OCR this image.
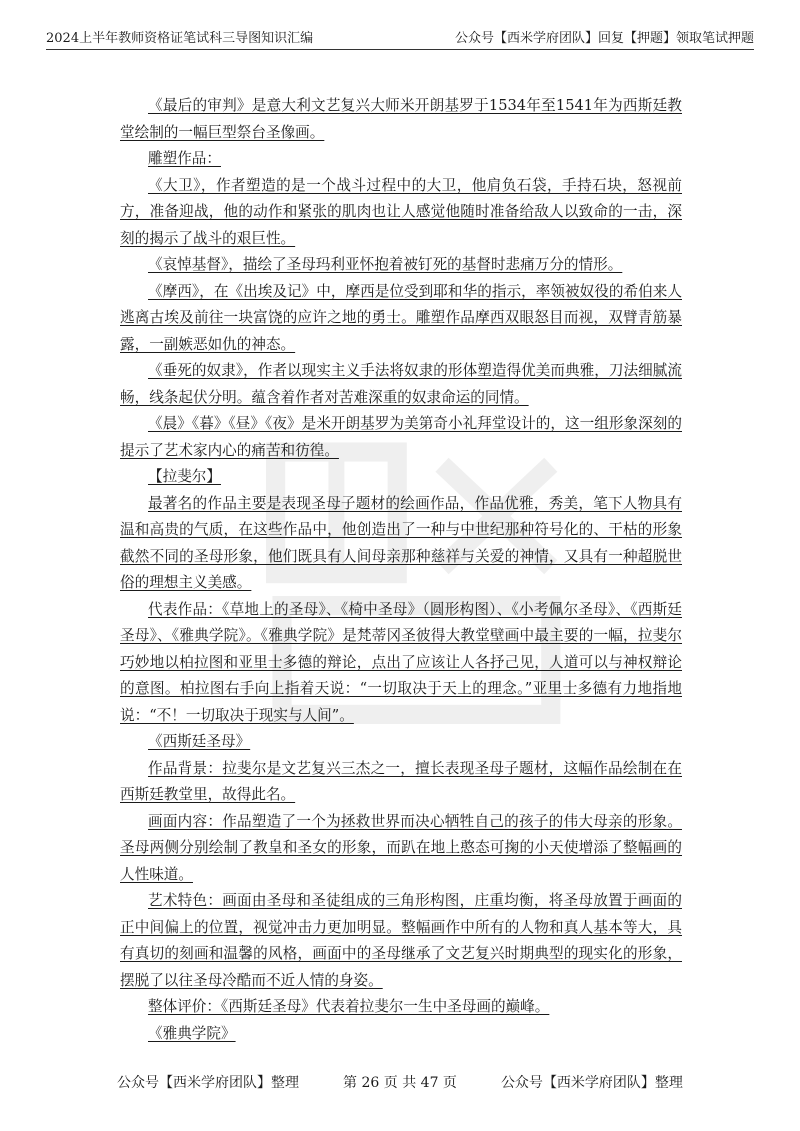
2024上半年教师资格证笔试科三导图知识汇编	公众号【西米学府团队】回复【押题】领取笔试押题

《最后的审判》是意大利文艺复兴大师米开朗基罗于1534年至1541年为西斯廷教堂绘制的一幅巨型祭台圣像画。

雕塑作品：

《大卫》，作者塑造的是一个战斗过程中的大卫，他肩负石袋，手持石块，怒视前方，准备迎战，他的动作和紧张的肌肉也让人感觉他随时准备给敌人以致命的一击，深刻的揭示了战斗的艰巨性。

《哀悼基督》，描绘了圣母玛利亚怀抱着被钉死的基督时悲痛万分的情形。

《摩西》，在《出埃及记》中，摩西是位受到耶和华的指示，率领被奴役的希伯来人逃离古埃及前往一块富饶的应许之地的勇士。雕塑作品摩西双眼怒目而视，双臂青筋暴露，一副嫉恶如仇的神态。

《垂死的奴隶》，作者以现实主义手法将奴隶的形体塑造得优美而典雅，刀法细腻流畅，线条起伏分明。蕴含着作者对苦难深重的奴隶命运的同情。

《晨》《暮》《昼》《夜》是米开朗基罗为美第奇小礼拜堂设计的，这一组形象深刻的提示了艺术家内心的痛苦和彷徨。

【拉斐尔】

最著名的作品主要是表现圣母子题材的绘画作品，作品优雅，秀美，笔下人物具有温和高贵的气质，在这些作品中，他创造出了一种与中世纪那种符号化的、干枯的形象截然不同的圣母形象，他们既具有人间母亲那种慈祥与关爱的神情，又具有一种超脱世俗的理想主义美感。

代表作品：《草地上的圣母》、《椅中圣母》（圆形构图）、《小考佩尔圣母》、《西斯廷圣母》、《雅典学院》。《雅典学院》是梵蒂冈圣彼得大教堂壁画中最主要的一幅，拉斐尔巧妙地以柏拉图和亚里士多德的辩论，点出了应该让人各抒己见，人道可以与神权辩论的意图。柏拉图右手向上指着天说：“一切取决于天上的理念。”亚里士多德有力地指地说：“不！一切取决于现实与人间”。

《西斯廷圣母》

作品背景：拉斐尔是文艺复兴三杰之一，擅长表现圣母子题材，这幅作品绘制在在西斯廷教堂里，故得此名。

画面内容：作品塑造了一个为拯救世界而决心牺牲自己的孩子的伟大母亲的形象。圣母两侧分别绘制了教皇和圣女的形象，而趴在地上憨态可掬的小天使增添了整幅画的人性味道。

艺术特色：画面由圣母和圣徒组成的三角形构图，庄重均衡，将圣母放置于画面的正中间偏上的位置，视觉冲击力更加明显。整幅画作中所有的人物和真人基本等大，具有真切的刻画和温馨的风格，画面中的圣母继承了文艺复兴时期典型的现实化的形象，摆脱了以往圣母冷酷而不近人情的身姿。

整体评价：《西斯廷圣母》代表着拉斐尔一生中圣母画的巅峰。

《雅典学院》

公众号【西米学府团队】整理	第 26 页 共 47 页	公众号【西米学府团队】整理
